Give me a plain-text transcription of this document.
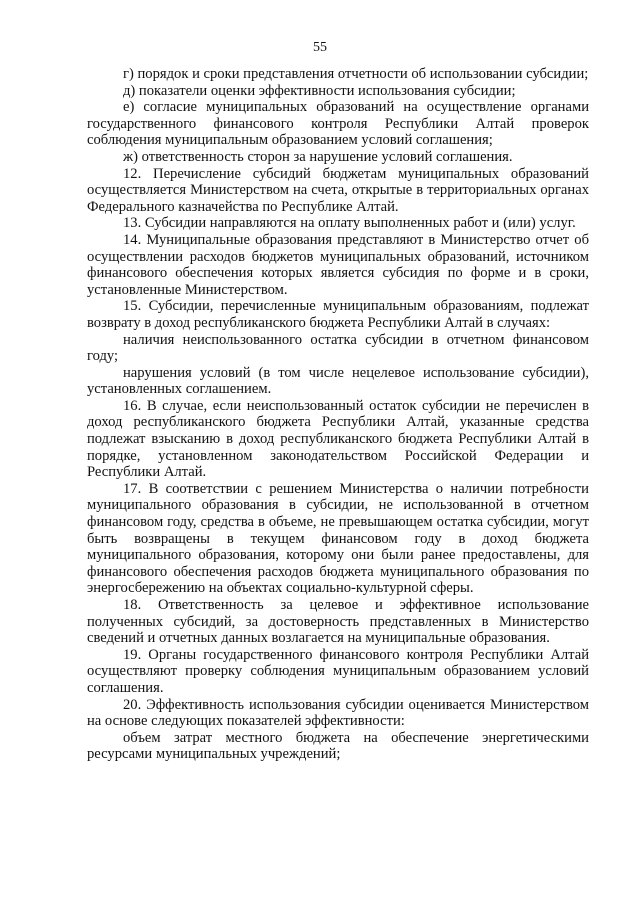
55

г) порядок и сроки представления отчетности об использовании субсидии;

д) показатели оценки эффективности использования субсидии;

е) согласие муниципальных образований на осуществление органами государственного финансового контроля Республики Алтай проверок соблюдения муниципальным образованием условий соглашения;

ж) ответственность сторон за нарушение условий соглашения.

12. Перечисление субсидий бюджетам муниципальных образований осуществляется Министерством на счета, открытые в территориальных органах Федерального казначейства по Республике Алтай.

13. Субсидии направляются на оплату выполненных работ и (или) услуг.

14. Муниципальные образования представляют в Министерство отчет об осуществлении расходов бюджетов муниципальных образований, источником финансового обеспечения которых является субсидия по форме и в сроки, установленные Министерством.

15. Субсидии, перечисленные муниципальным образованиям, подлежат возврату в доход республиканского бюджета Республики Алтай в случаях:

наличия неиспользованного остатка субсидии в отчетном финансовом году;

нарушения условий (в том числе нецелевое использование субсидии), установленных соглашением.

16. В случае, если неиспользованный остаток субсидии не перечислен в доход республиканского бюджета Республики Алтай, указанные средства подлежат взысканию в доход республиканского бюджета Республики Алтай в порядке, установленном законодательством Российской Федерации и Республики Алтай.

17. В соответствии с решением Министерства о наличии потребности муниципального образования в субсидии, не использованной в отчетном финансовом году, средства в объеме, не превышающем остатка субсидии, могут быть возвращены в текущем финансовом году в доход бюджета муниципального образования, которому они были ранее предоставлены, для финансового обеспечения расходов бюджета муниципального образования по энергосбережению на объектах социально-культурной сферы.

18. Ответственность за целевое и эффективное использование полученных субсидий, за достоверность представленных в Министерство сведений и отчетных данных возлагается на муниципальные образования.

19. Органы государственного финансового контроля Республики Алтай осуществляют проверку соблюдения муниципальным образованием условий соглашения.

20. Эффективность использования субсидии оценивается Министерством на основе следующих показателей эффективности:

объем затрат местного бюджета на обеспечение энергетическими ресурсами муниципальных учреждений;
